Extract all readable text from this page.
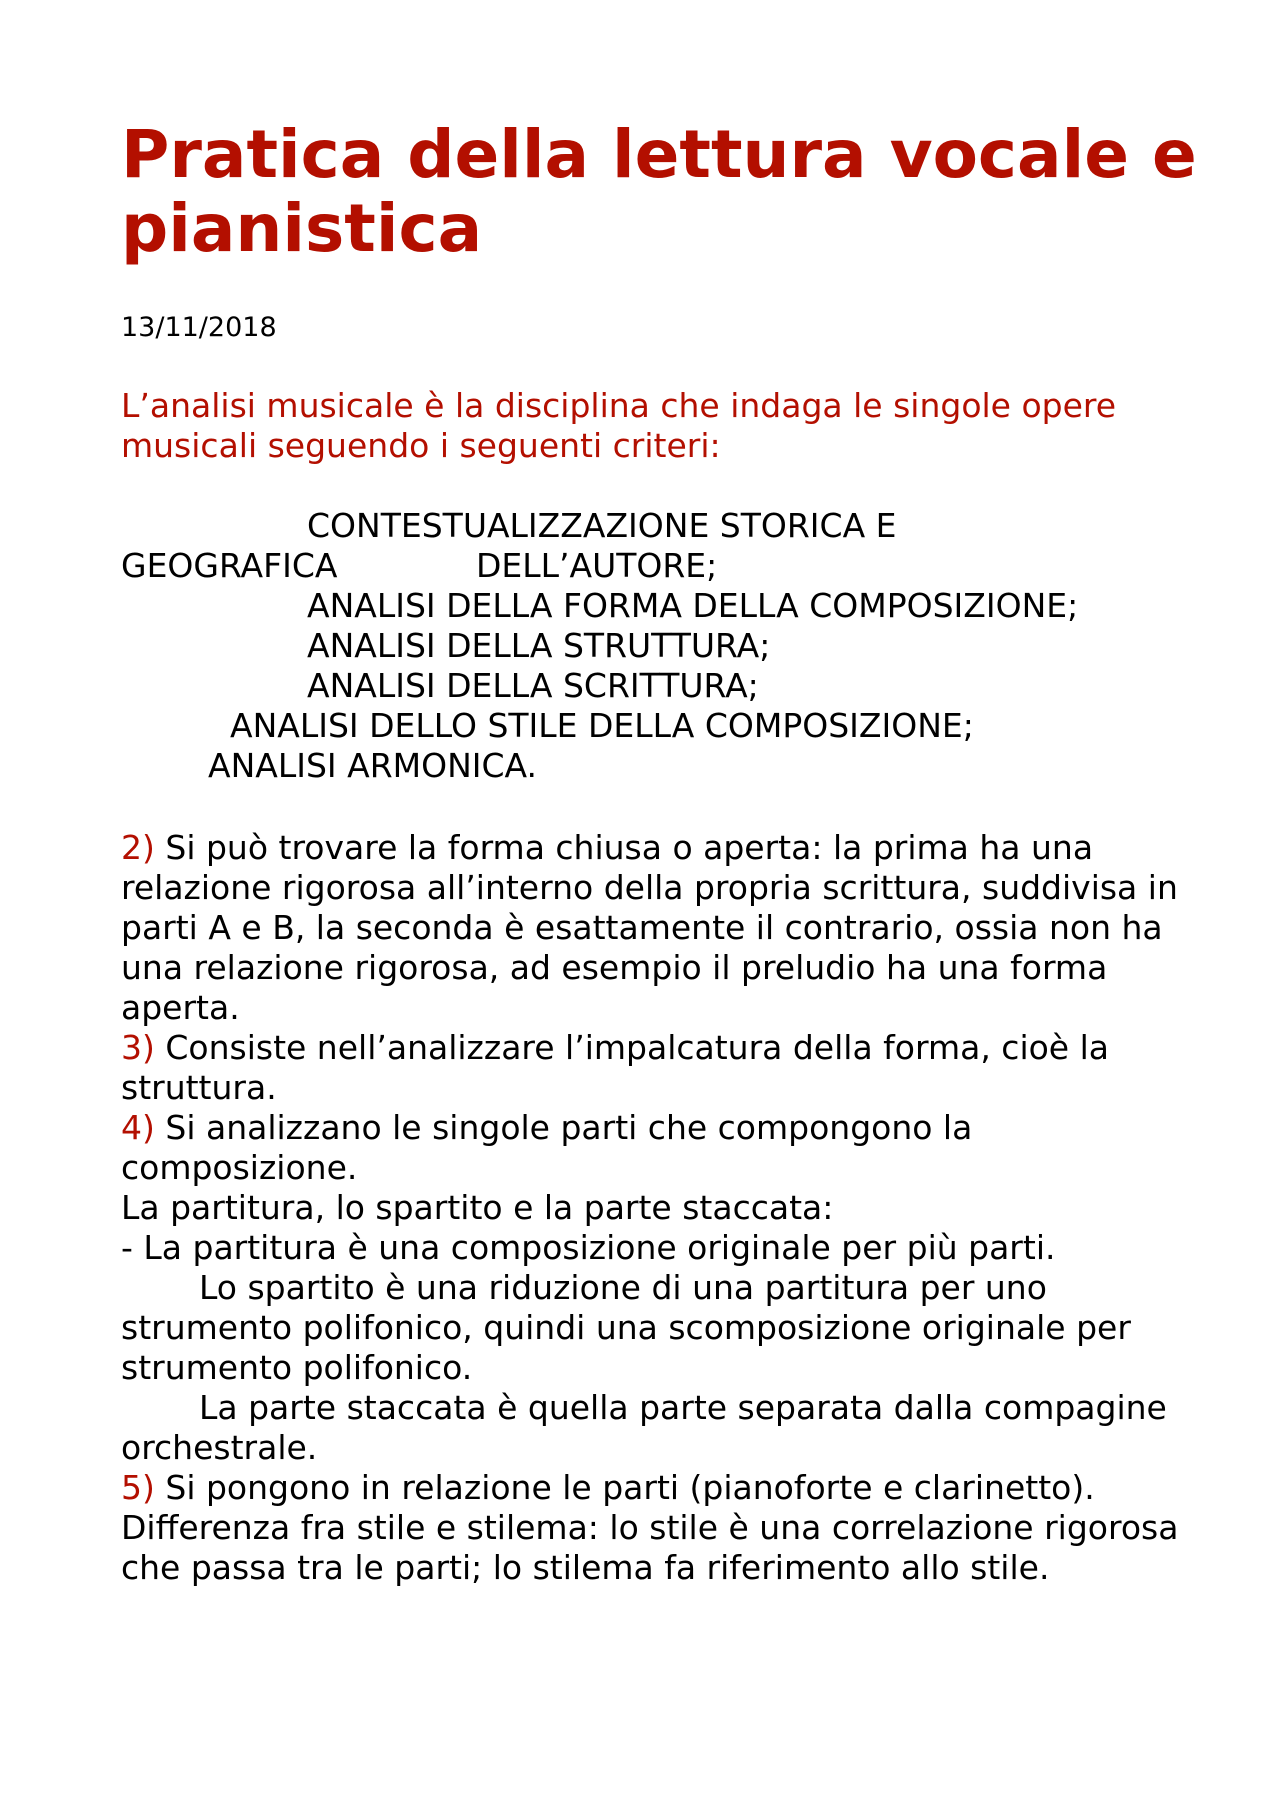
Pratica della lettura vocale e pianistica
13/11/2018

L’analisi musicale è la disciplina che indaga le singole opere musicali seguendo i seguenti criteri:

CONTESTUALIZZAZIONE STORICA E
GEOGRAFICA	DELL’AUTORE;
ANALISI DELLA FORMA DELLA COMPOSIZIONE;
ANALISI DELLA STRUTTURA;
ANALISI DELLA SCRITTURA;
ANALISI DELLO STILE DELLA COMPOSIZIONE;
ANALISI ARMONICA.

2) Si può trovare la forma chiusa o aperta: la prima ha una relazione rigorosa all’interno della propria scrittura, suddivisa in parti A e B, la seconda è esattamente il contrario, ossia non ha una relazione rigorosa, ad esempio il preludio ha una forma aperta.

3) Consiste nell’analizzare l’impalcatura della forma, cioè la struttura.

4) Si analizzano le singole parti che compongono la composizione.

La partitura, lo spartito e la parte staccata:

- La partitura è una composizione originale per più parti.

Lo spartito è una riduzione di una partitura per uno strumento polifonico, quindi una scomposizione originale per strumento polifonico.

La parte staccata è quella parte separata dalla compagine orchestrale.

5) Si pongono in relazione le parti (pianoforte e clarinetto).

Differenza fra stile e stilema: lo stile è una correlazione rigorosa che passa tra le parti; lo stilema fa riferimento allo stile.
